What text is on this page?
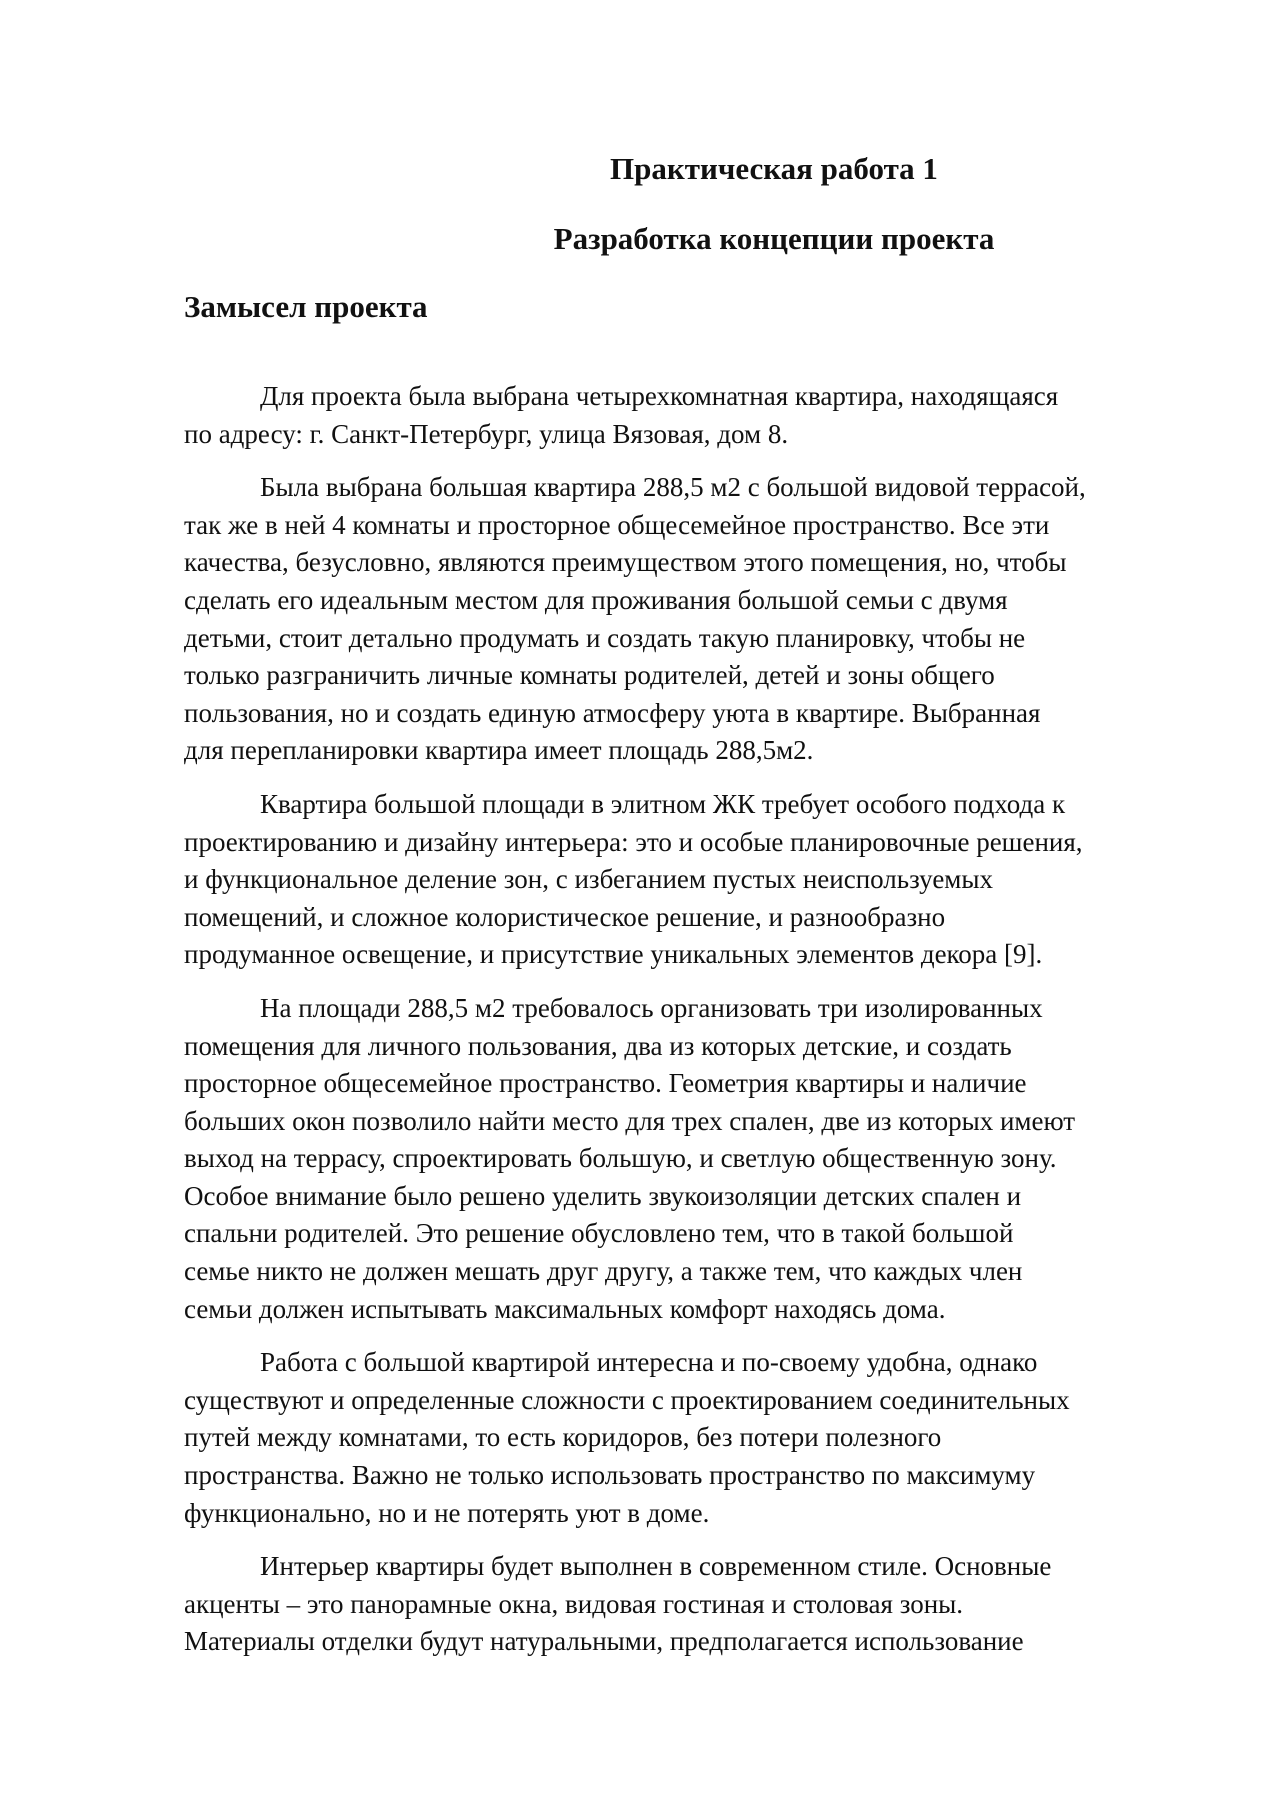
Практическая работа 1
Разработка концепции проекта
Замысел проекта

Для проекта была выбрана четырехкомнатная квартира, находящаяся
по адресу: г. Санкт-Петербург, улица Вязовая, дом 8.

Была выбрана большая квартира 288,5 м2 с большой видовой террасой,
так же в ней 4 комнаты и просторное общесемейное пространство. Все эти
качества, безусловно, являются преимуществом этого помещения, но, чтобы
сделать его идеальным местом для проживания большой семьи с двумя
детьми, стоит детально продумать и создать такую планировку, чтобы не
только разграничить личные комнаты родителей, детей и зоны общего
пользования, но и создать единую атмосферу уюта в квартире. Выбранная
для перепланировки квартира имеет площадь 288,5м2.

Квартира большой площади в элитном ЖК требует особого подхода к
проектированию и дизайну интерьера: это и особые планировочные решения,
и функциональное деление зон, с избеганием пустых неиспользуемых
помещений, и сложное колористическое решение, и разнообразно
продуманное освещение, и присутствие уникальных элементов декора [9].

На площади 288,5 м2 требовалось организовать три изолированных
помещения для личного пользования, два из которых детские, и создать
просторное общесемейное пространство. Геометрия квартиры и наличие
больших окон позволило найти место для трех спален, две из которых имеют
выход на террасу, спроектировать большую, и светлую общественную зону.
Особое внимание было решено уделить звукоизоляции детских спален и
спальни родителей. Это решение обусловлено тем, что в такой большой
семье никто не должен мешать друг другу, а также тем, что каждых член
семьи должен испытывать максимальных комфорт находясь дома.

Работа с большой квартирой интересна и по-своему удобна, однако
существуют и определенные сложности с проектированием соединительных
путей между комнатами, то есть коридоров, без потери полезного
пространства. Важно не только использовать пространство по максимуму
функционально, но и не потерять уют в доме.

Интерьер квартиры будет выполнен в современном стиле. Основные
акценты – это панорамные окна, видовая гостиная и столовая зоны.
Материалы отделки будут натуральными, предполагается использование
